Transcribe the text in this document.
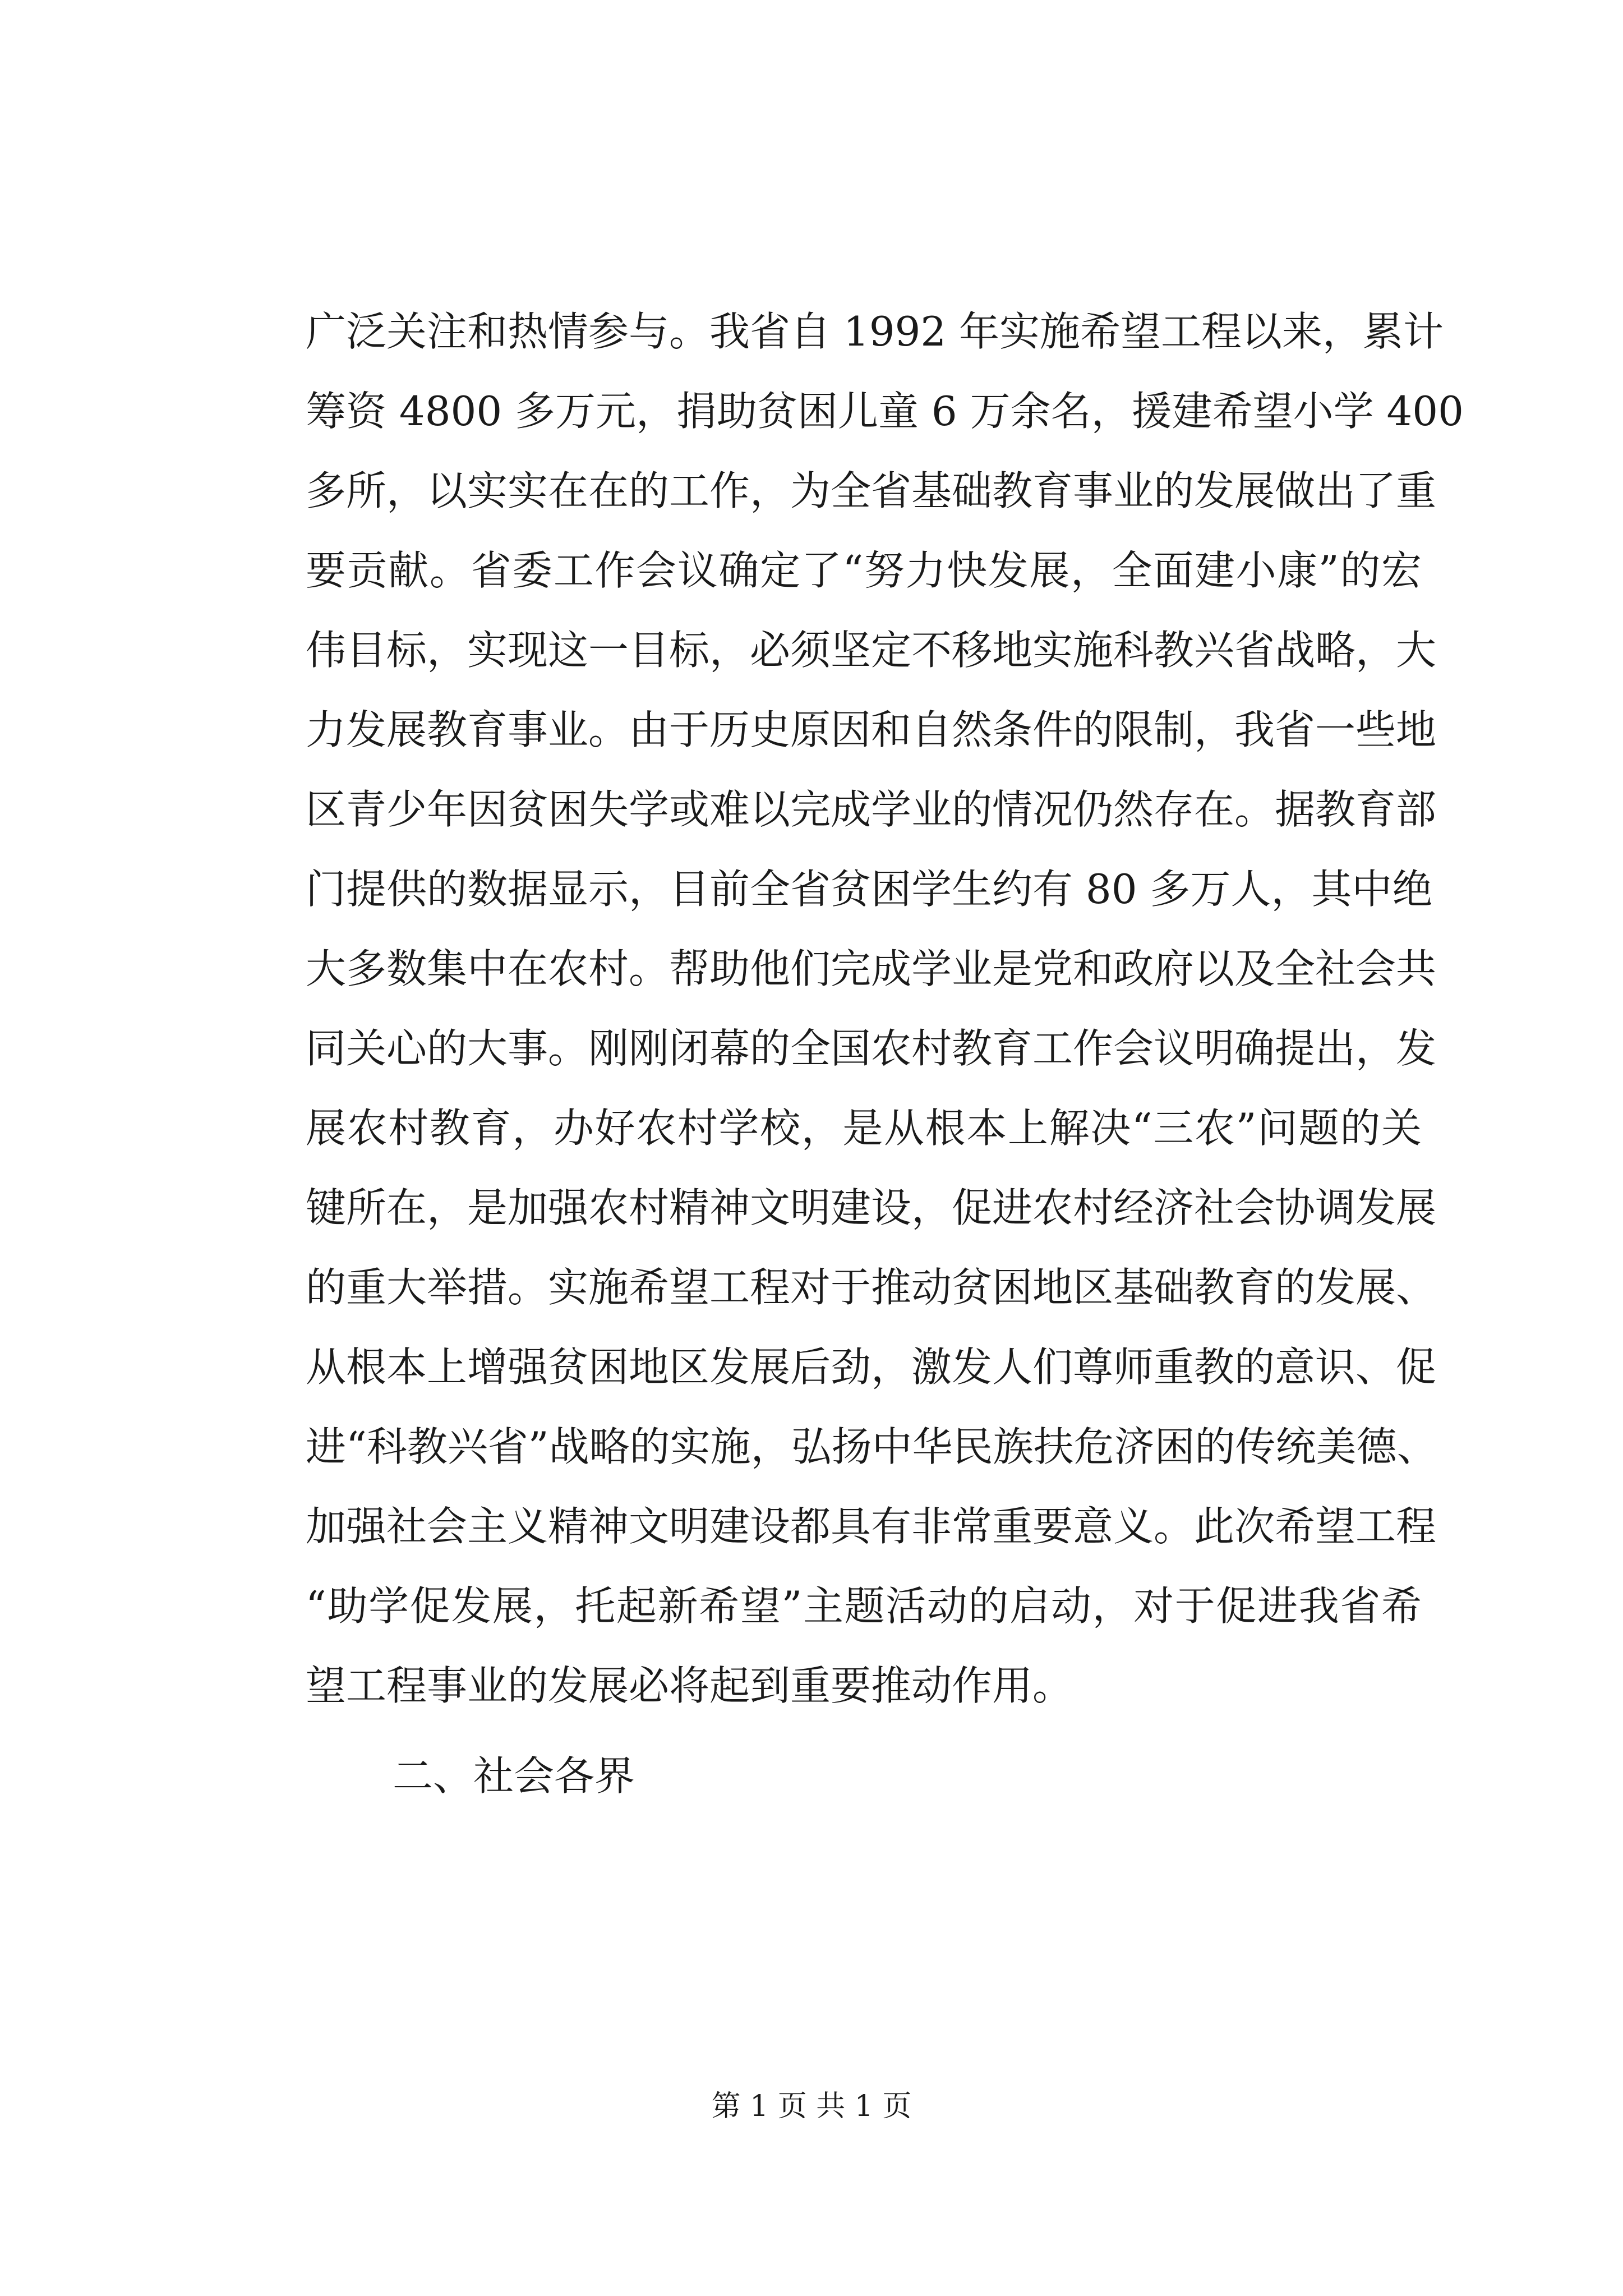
广泛关注和热情参与。我省自 1992 年实施希望工程以来，累计
筹资 4800 多万元，捐助贫困儿童 6 万余名，援建希望小学 400
多所，以实实在在的工作，为全省基础教育事业的发展做出了重
要贡献。省委工作会议确定了“努力快发展，全面建小康”的宏
伟目标，实现这一目标，必须坚定不移地实施科教兴省战略，大
力发展教育事业。由于历史原因和自然条件的限制，我省一些地
区青少年因贫困失学或难以完成学业的情况仍然存在。据教育部
门提供的数据显示，目前全省贫困学生约有 80 多万人，其中绝
大多数集中在农村。帮助他们完成学业是党和政府以及全社会共
同关心的大事。刚刚闭幕的全国农村教育工作会议明确提出，发
展农村教育，办好农村学校，是从根本上解决“三农”问题的关
键所在，是加强农村精神文明建设，促进农村经济社会协调发展
的重大举措。实施希望工程对于推动贫困地区基础教育的发展、
从根本上增强贫困地区发展后劲，激发人们尊师重教的意识、促
进“科教兴省”战略的实施，弘扬中华民族扶危济困的传统美德、
加强社会主义精神文明建设都具有非常重要意义。此次希望工程
“助学促发展，托起新希望”主题活动的启动，对于促进我省希
望工程事业的发展必将起到重要推动作用。
二、社会各界
第 1 页 共 1 页
